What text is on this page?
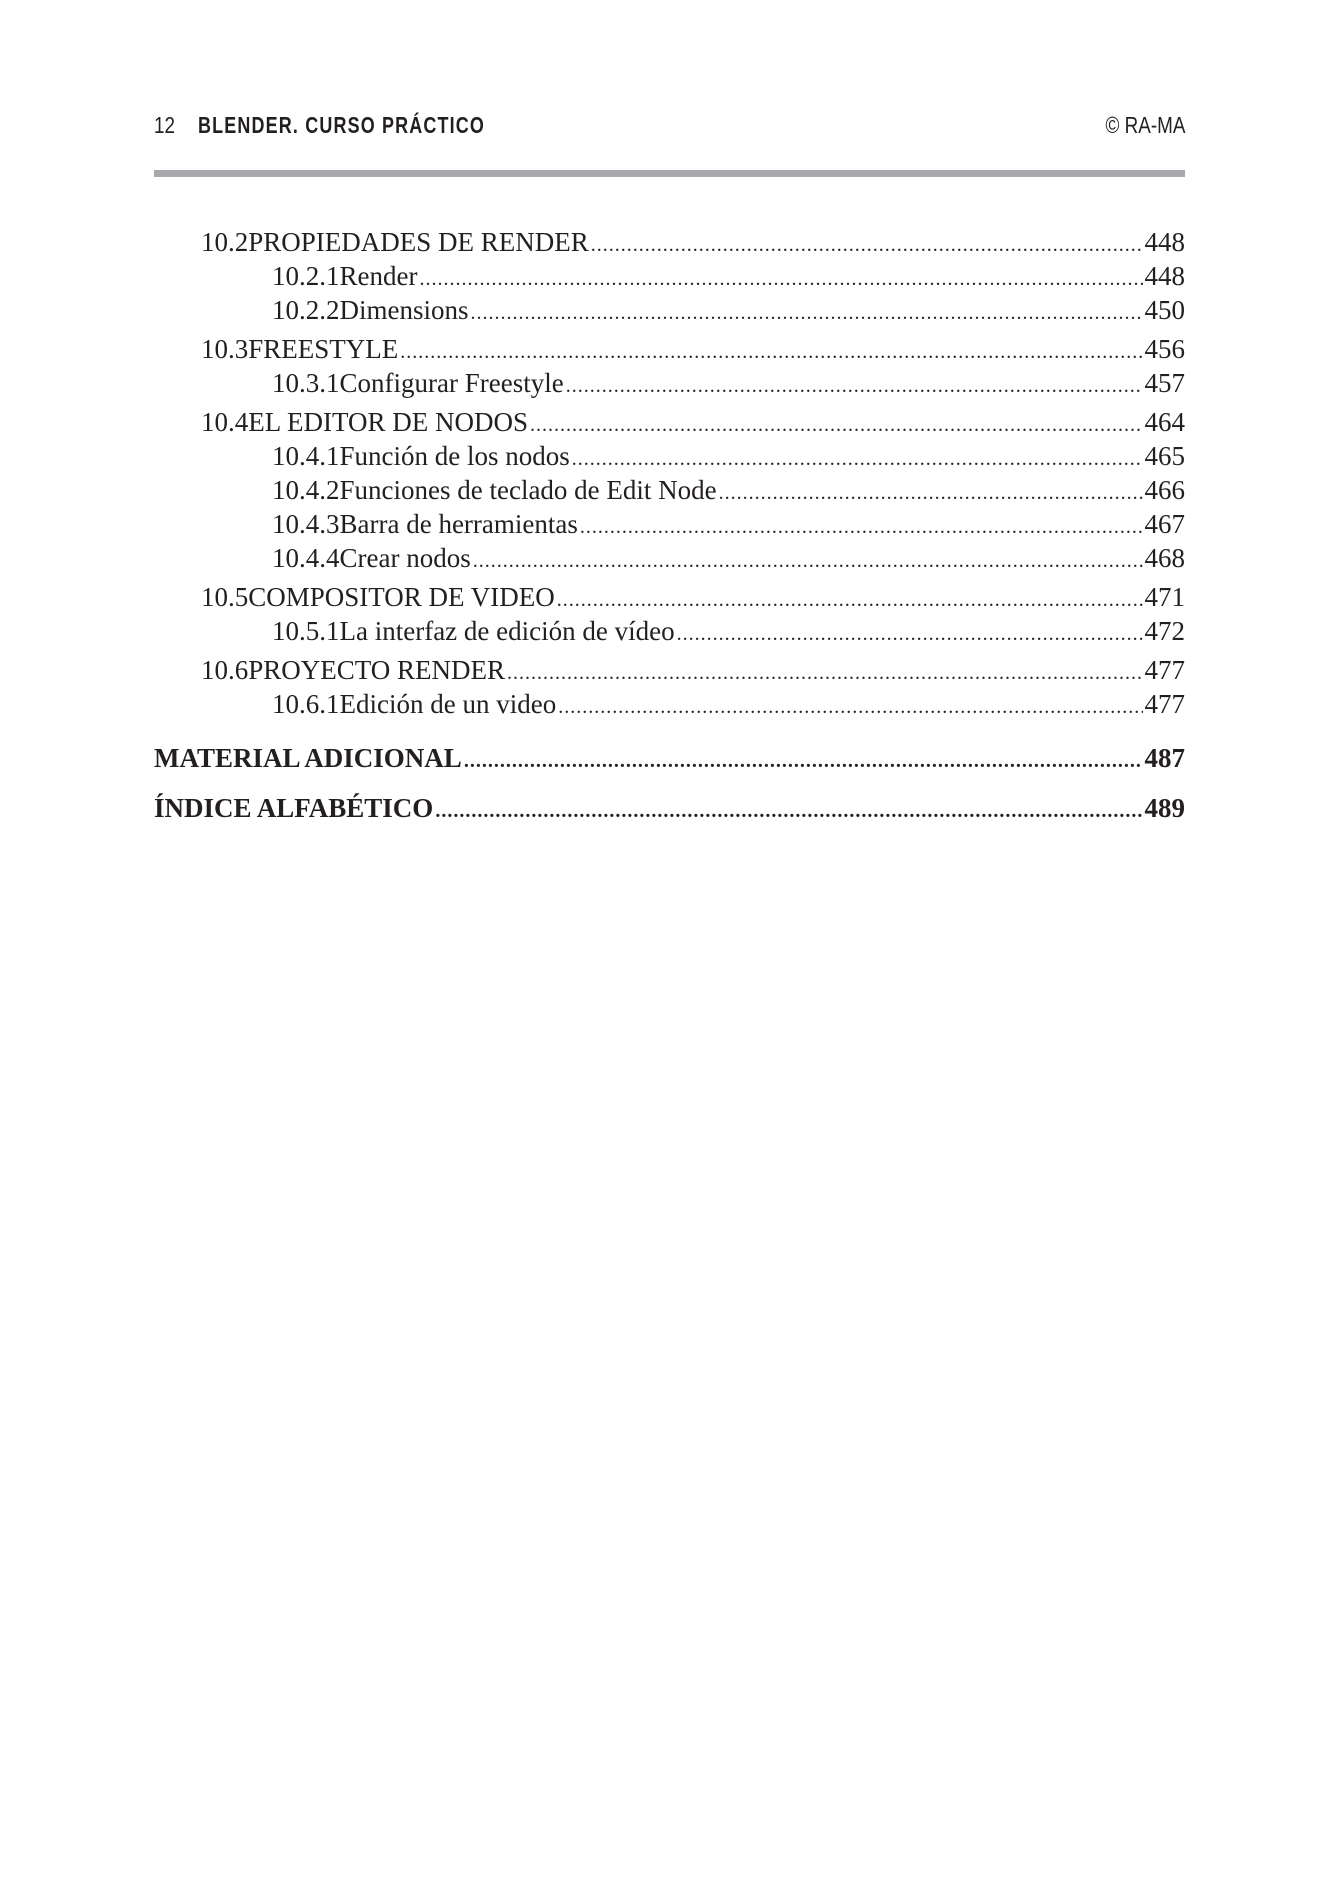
12 BLENDER. CURSO PRÁCTICO	© RA-MA
10.2 PROPIEDADES DE RENDER .....	448
10.2.1 Render .....	448
10.2.2 Dimensions .....	450
10.3 FREESTYLE .....	456
10.3.1 Configurar Freestyle .....	457
10.4 EL EDITOR DE NODOS .....	464
10.4.1 Función de los nodos .....	465
10.4.2 Funciones de teclado de Edit Node .....	466
10.4.3 Barra de herramientas .....	467
10.4.4 Crear nodos .....	468
10.5 COMPOSITOR DE VIDEO .....	471
10.5.1 La interfaz de edición de vídeo .....	472
10.6 PROYECTO RENDER .....	477
10.6.1 Edición de un video .....	477
MATERIAL ADICIONAL .....	487
ÍNDICE ALFABÉTICO .....	489
